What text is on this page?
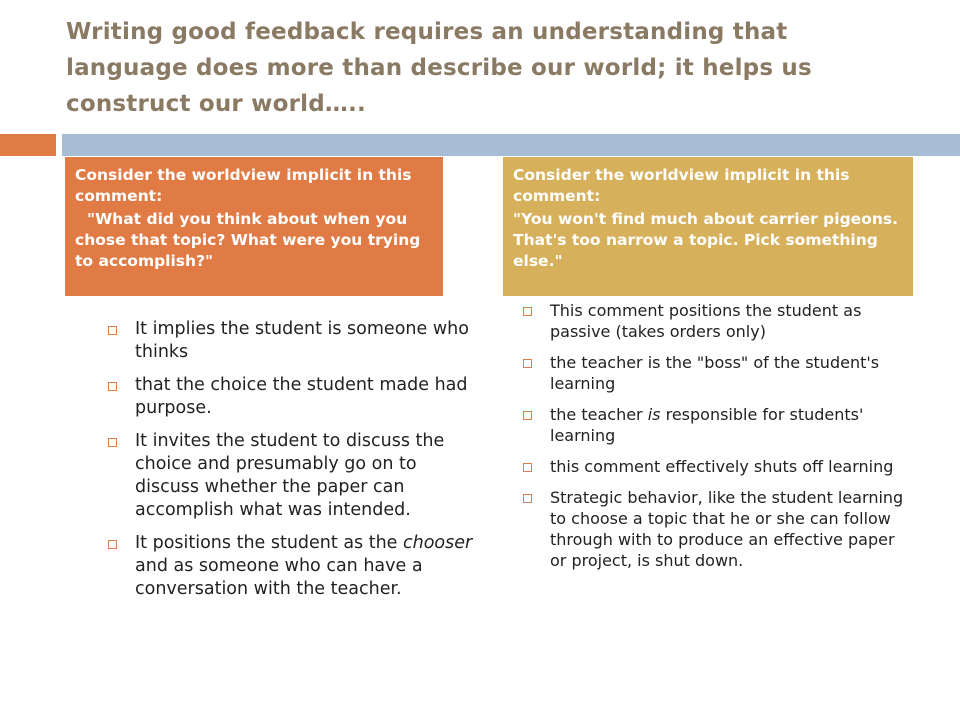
Writing good feedback requires an understanding that language does more than describe our world; it helps us construct our world…..
Consider the worldview implicit in this comment:
"What did you think about when you chose that topic? What were you trying to accomplish?"
Consider the worldview implicit in this comment:
"You won't find much about carrier pigeons. That's too narrow a topic. Pick something else."
It implies the student is someone who thinks
that the choice the student made had purpose.
It invites the student to discuss the choice and presumably go on to discuss whether the paper can accomplish what was intended.
It positions the student as the chooser and as someone who can have a conversation with the teacher.
This comment positions the student as passive (takes orders only)
the teacher is the "boss" of the student's learning
the teacher is responsible for students' learning
this comment effectively shuts off learning
Strategic behavior, like the student learning to choose a topic that he or she can follow through with to produce an effective paper or project, is shut down.
